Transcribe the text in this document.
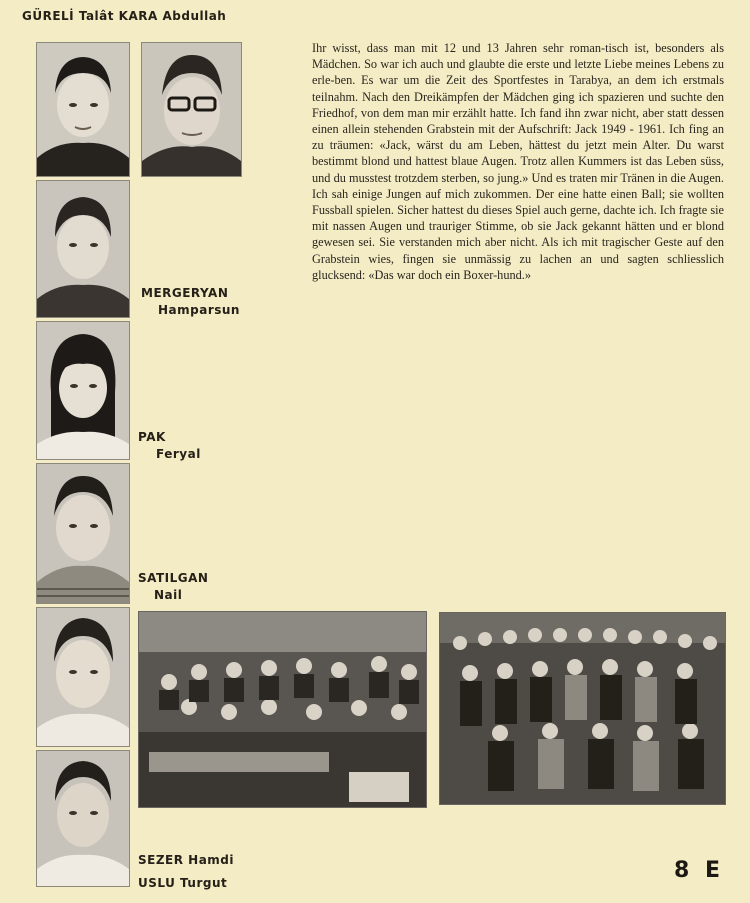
GÜRELİ Talât KARA Abdullah
MERGERYAN
Hamparsun
PAK
Feryal
SATILGAN
Nail
SEZER Hamdi
USLU Turgut
Ihr wisst, dass man mit 12 und 13 Jahren sehr roman-tisch ist, besonders als Mädchen. So war ich auch und glaubte die erste und letzte Liebe meines Lebens zu erle-ben. Es war um die Zeit des Sportfestes in Tarabya, an dem ich erstmals teilnahm. Nach den Dreikämpfen der Mädchen ging ich spazieren und suchte den Friedhof, von dem man mir erzählt hatte. Ich fand ihn zwar nicht, aber statt dessen einen allein stehenden Grabstein mit der Aufschrift: Jack 1949 - 1961. Ich fing an zu träumen: «Jack, wärst du am Leben, hättest du jetzt mein Alter. Du warst bestimmt blond und hattest blaue Augen. Trotz allen Kummers ist das Leben süss, und du musstest trotzdem sterben, so jung.» Und es traten mir Tränen in die Augen. Ich sah einige Jungen auf mich zukommen. Der eine hatte einen Ball; sie wollten Fussball spielen. Sicher hattest du dieses Spiel auch gerne, dachte ich. Ich fragte sie mit nassen Augen und trauriger Stimme, ob sie Jack gekannt hätten und er blond gewesen sei. Sie verstanden mich aber nicht. Als ich mit tragischer Geste auf den Grabstein wies, fingen sie unmässig zu lachen an und sagten schliesslich glucksend: «Das war doch ein Boxer-hund.»
8 E
